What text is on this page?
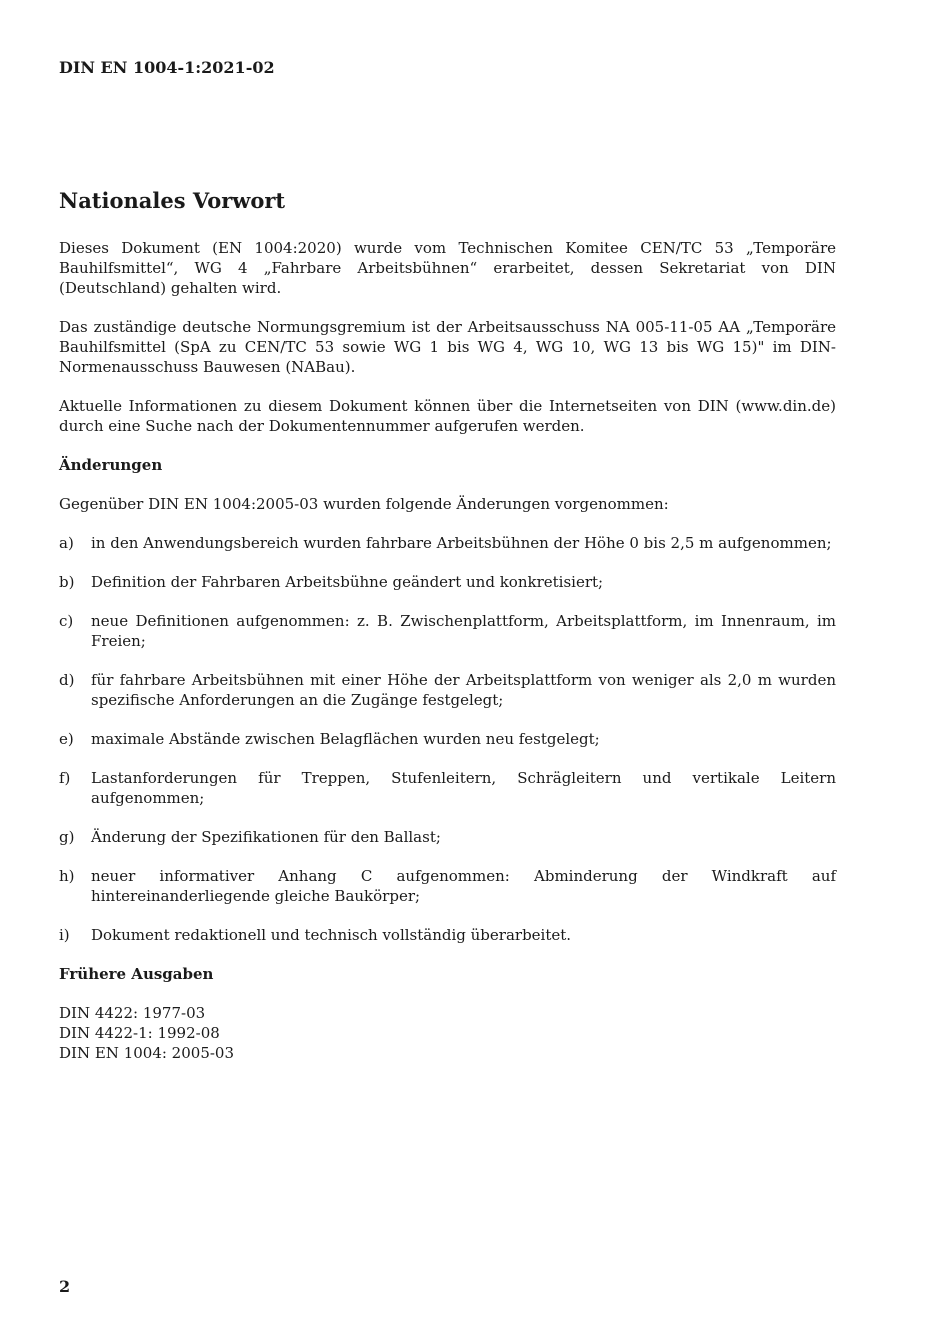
DIN EN 1004-1:2021-02
Nationales Vorwort

Dieses Dokument (EN 1004:2020) wurde vom Technischen Komitee CEN/TC 53 „Temporäre Bauhilfsmittel“, WG 4 „Fahrbare Arbeitsbühnen“ erarbeitet, dessen Sekretariat von DIN (Deutschland) gehalten wird.

Das zuständige deutsche Normungsgremium ist der Arbeitsausschuss NA 005-11-05 AA „Temporäre Bauhilfsmittel (SpA zu CEN/TC 53 sowie WG 1 bis WG 4, WG 10, WG 13 bis WG 15)" im DIN-Normenausschuss Bauwesen (NABau).

Aktuelle Informationen zu diesem Dokument können über die Internetseiten von DIN (www.din.de) durch eine Suche nach der Dokumentennummer aufgerufen werden.

Änderungen

Gegenüber DIN EN 1004:2005-03 wurden folgende Änderungen vorgenommen:

a)	in den Anwendungsbereich wurden fahrbare Arbeitsbühnen der Höhe 0 bis 2,5 m aufgenommen;
b)	Definition der Fahrbaren Arbeitsbühne geändert und konkretisiert;
c)	neue Definitionen aufgenommen: z. B. Zwischenplattform, Arbeitsplattform, im Innenraum, im Freien;
d)	für fahrbare Arbeitsbühnen mit einer Höhe der Arbeitsplattform von weniger als 2,0 m wurden spezifische Anforderungen an die Zugänge festgelegt;
e)	maximale Abstände zwischen Belagflächen wurden neu festgelegt;
f)	Lastanforderungen für Treppen, Stufenleitern, Schrägleitern und vertikale Leitern aufgenommen;
g)	Änderung der Spezifikationen für den Ballast;
h)	neuer informativer Anhang C aufgenommen: Abminderung der Windkraft auf hintereinanderliegende gleiche Baukörper;
i)	Dokument redaktionell und technisch vollständig überarbeitet.
Frühere Ausgaben
DIN 4422: 1977-03
DIN 4422-1: 1992-08
DIN EN 1004: 2005-03
2
